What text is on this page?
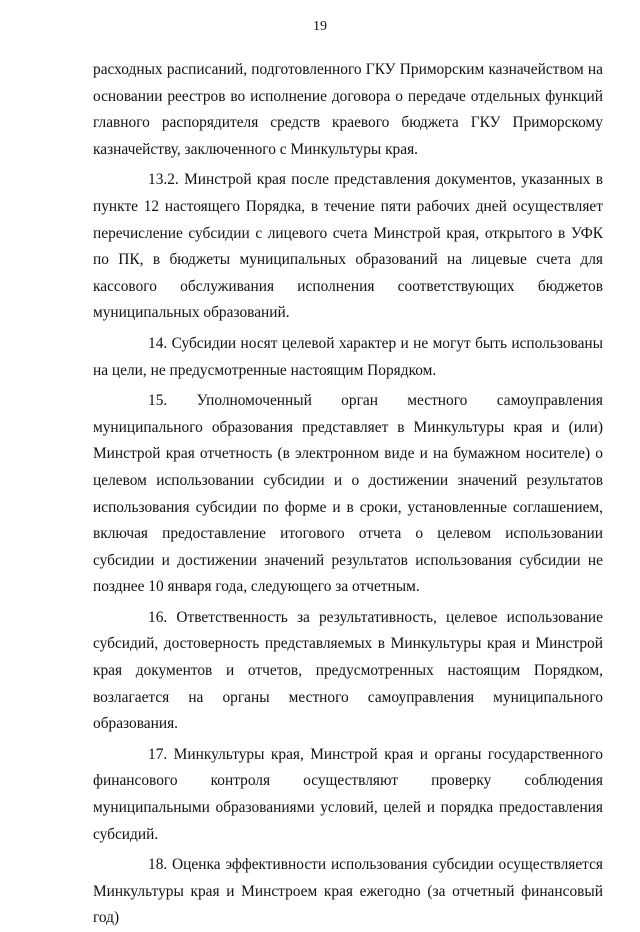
19

расходных расписаний, подготовленного ГКУ Приморским казначейством на основании реестров во исполнение договора о передаче отдельных функций главного распорядителя средств краевого бюджета ГКУ Приморскому казначейству, заключенного с Минкультуры края.

13.2. Минстрой края после представления документов, указанных в пункте 12 настоящего Порядка, в течение пяти рабочих дней осуществляет перечисление субсидии с лицевого счета Минстрой края, открытого в УФК по ПК, в бюджеты муниципальных образований на лицевые счета для кассового обслуживания исполнения соответствующих бюджетов муниципальных образований.

14. Субсидии носят целевой характер и не могут быть использованы на цели, не предусмотренные настоящим Порядком.

15. Уполномоченный орган местного самоуправления муниципального образования представляет в Минкультуры края и (или) Минстрой края отчетность (в электронном виде и на бумажном носителе) о целевом использовании субсидии и о достижении значений результатов использования субсидии по форме и в сроки, установленные соглашением, включая предоставление итогового отчета о целевом использовании субсидии и достижении значений результатов использования субсидии не позднее 10 января года, следующего за отчетным.

16. Ответственность за результативность, целевое использование субсидий, достоверность представляемых в Минкультуры края и Минстрой края документов и отчетов, предусмотренных настоящим Порядком, возлагается на органы местного самоуправления муниципального образования.

17. Минкультуры края, Минстрой края и органы государственного финансового контроля осуществляют проверку соблюдения муниципальными образованиями условий, целей и порядка предоставления субсидий.

18. Оценка эффективности использования субсидии осуществляется Минкультуры края и Минстроем края ежегодно (за отчетный финансовый год)
